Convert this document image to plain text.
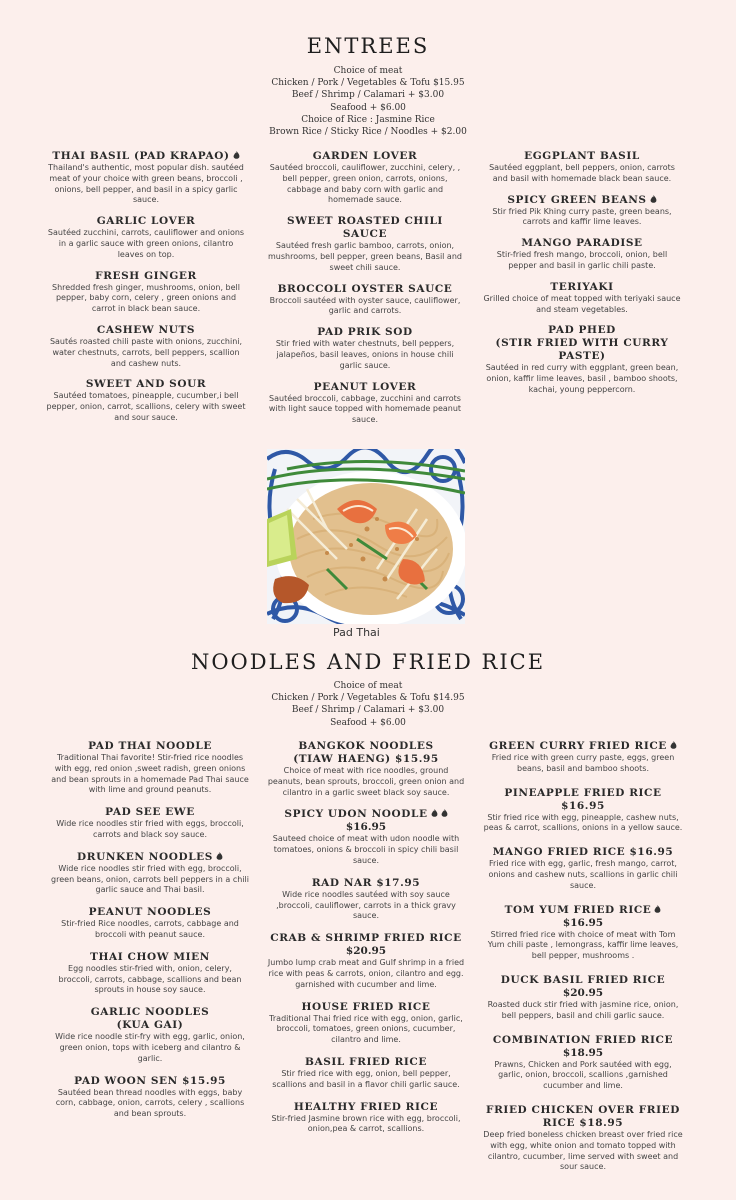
ENTREES
Choice of meat
Chicken / Pork / Vegetables & Tofu $15.95
Beef / Shrimp / Calamari + $3.00
Seafood + $6.00
Choice of Rice : Jasmine Rice
Brown Rice / Sticky Rice / Noodles + $2.00
THAI BASIL (PAD KRAPAO)
Thailand's authentic, most popular dish. sautéed meat of your choice with green beans, broccoli , onions, bell pepper, and basil in a spicy garlic sauce.
GARLIC LOVER
Sautéed zucchini, carrots, cauliflower and onions in a garlic sauce with green onions, cilantro leaves on top.
FRESH GINGER
Shredded fresh ginger, mushrooms, onion, bell pepper, baby corn, celery , green onions and carrot in black bean sauce.
CASHEW NUTS
Sautés roasted chili paste with onions, zucchini, water chestnuts, carrots, bell peppers, scallion and cashew nuts.
SWEET AND SOUR
Sautéed tomatoes, pineapple, cucumber,i bell pepper, onion, carrot, scallions, celery with sweet and sour sauce.
GARDEN LOVER
Sautéed broccoli, cauliflower, zucchini, celery, , bell pepper, green onion, carrots, onions, cabbage and baby corn with garlic and homemade sauce.
SWEET ROASTED CHILI SAUCE
Sautéed fresh garlic bamboo, carrots, onion, mushrooms, bell pepper, green beans, Basil and sweet chili sauce.
BROCCOLI OYSTER SAUCE
Broccoli sautéed with oyster sauce, cauliflower, garlic and carrots.
PAD PRIK SOD
Stir fried with water chestnuts, bell peppers, jalapeños, basil leaves, onions in house chili garlic sauce.
PEANUT LOVER
Sautéed broccoli, cabbage, zucchini and carrots with light sauce topped with homemade peanut sauce.
EGGPLANT BASIL
Sautéed eggplant, bell peppers, onion, carrots and basil with homemade black bean sauce.
SPICY GREEN BEANS
Stir fried Pik Khing curry paste, green beans, carrots and kaffir lime leaves.
MANGO PARADISE
Stir-fried fresh mango, broccoli, onion, bell pepper and basil in garlic chili paste.
TERIYAKI
Grilled choice of meat topped with teriyaki sauce and steam vegetables.
PAD PHED
(STIR FRIED WITH CURRY PASTE)
Sautéed in red curry with eggplant, green bean, onion, kaffir lime leaves, basil , bamboo shoots, kachai, young peppercorn.
Pad Thai
NOODLES AND FRIED RICE
Choice of meat
Chicken / Pork / Vegetables & Tofu $14.95
Beef / Shrimp / Calamari + $3.00
Seafood + $6.00
PAD THAI NOODLE
Traditional Thai favorite! Stir-fried rice noodles with egg, red onion ,sweet radish, green onions and bean sprouts in a homemade Pad Thai sauce with lime and ground peanuts.
PAD SEE EWE
Wide rice noodles stir fried with eggs, broccoli, carrots and black soy sauce.
DRUNKEN NOODLES
Wide rice noodles stir fried with egg, broccoli, green beans, onion, carrots bell peppers in a chili garlic sauce and Thai basil.
PEANUT NOODLES
Stir-fried Rice noodles, carrots, cabbage and broccoli with peanut sauce.
THAI CHOW MIEN
Egg noodles stir-fried with, onion, celery, broccoli, carrots, cabbage, scallions and bean sprouts in house soy sauce.
GARLIC NOODLES
(KUA GAI)
Wide rice noodle stir-fry with egg, garlic, onion, green onion, tops with iceberg and cilantro & garlic.
PAD WOON SEN $15.95
Sautéed bean thread noodles with eggs, baby corn, cabbage, onion, carrots, celery , scallions and bean sprouts.
BANGKOK NOODLES
(TIAW HAENG) $15.95
Choice of meat with rice noodles, ground peanuts, bean sprouts, broccoli, green onion and cilantro in a garlic sweet black soy sauce.
SPICY UDON NOODLE
$16.95
Sauteed choice of meat with udon noodle with tomatoes, onions & broccoli in spicy chili basil sauce.
RAD NAR $17.95
Wide rice noodles sautéed with soy sauce ,broccoli, cauliflower, carrots in a thick gravy sauce.
CRAB & SHRIMP FRIED RICE
$20.95
Jumbo lump crab meat and Gulf shrimp in a fried rice with peas & carrots, onion, cilantro and egg. garnished with cucumber and lime.
HOUSE FRIED RICE
Traditional Thai fried rice with egg, onion, garlic, broccoli, tomatoes, green onions, cucumber, cilantro and lime.
BASIL FRIED RICE
Stir fried rice with egg, onion, bell pepper, scallions and basil in a flavor chili garlic sauce.
HEALTHY FRIED RICE
Stir-fried Jasmine brown rice with egg, broccoli, onion,pea & carrot, scallions.
GREEN CURRY FRIED RICE
Fried rice with green curry paste, eggs, green beans, basil and bamboo shoots.
PINEAPPLE FRIED RICE $16.95
Stir fried rice with egg, pineapple, cashew nuts, peas & carrot, scallions, onions in a yellow sauce.
MANGO FRIED RICE $16.95
Fried rice with egg, garlic, fresh mango, carrot, onions and cashew nuts, scallions in garlic chili sauce.
TOM YUM FRIED RICE
$16.95
Stirred fried rice with choice of meat with Tom Yum chili paste , lemongrass, kaffir lime leaves, bell pepper, mushrooms .
DUCK BASIL FRIED RICE
$20.95
Roasted duck stir fried with jasmine rice, onion, bell peppers, basil and chili garlic sauce.
COMBINATION FRIED RICE
$18.95
Prawns, Chicken and Pork sautéed with egg, garlic, onion, broccoli, scallions ,garnished cucumber and lime.
FRIED CHICKEN OVER FRIED
RICE $18.95
Deep fried boneless chicken breast over fried rice with egg, white onion and tomato topped with cilantro, cucumber, lime served with sweet and sour sauce.
